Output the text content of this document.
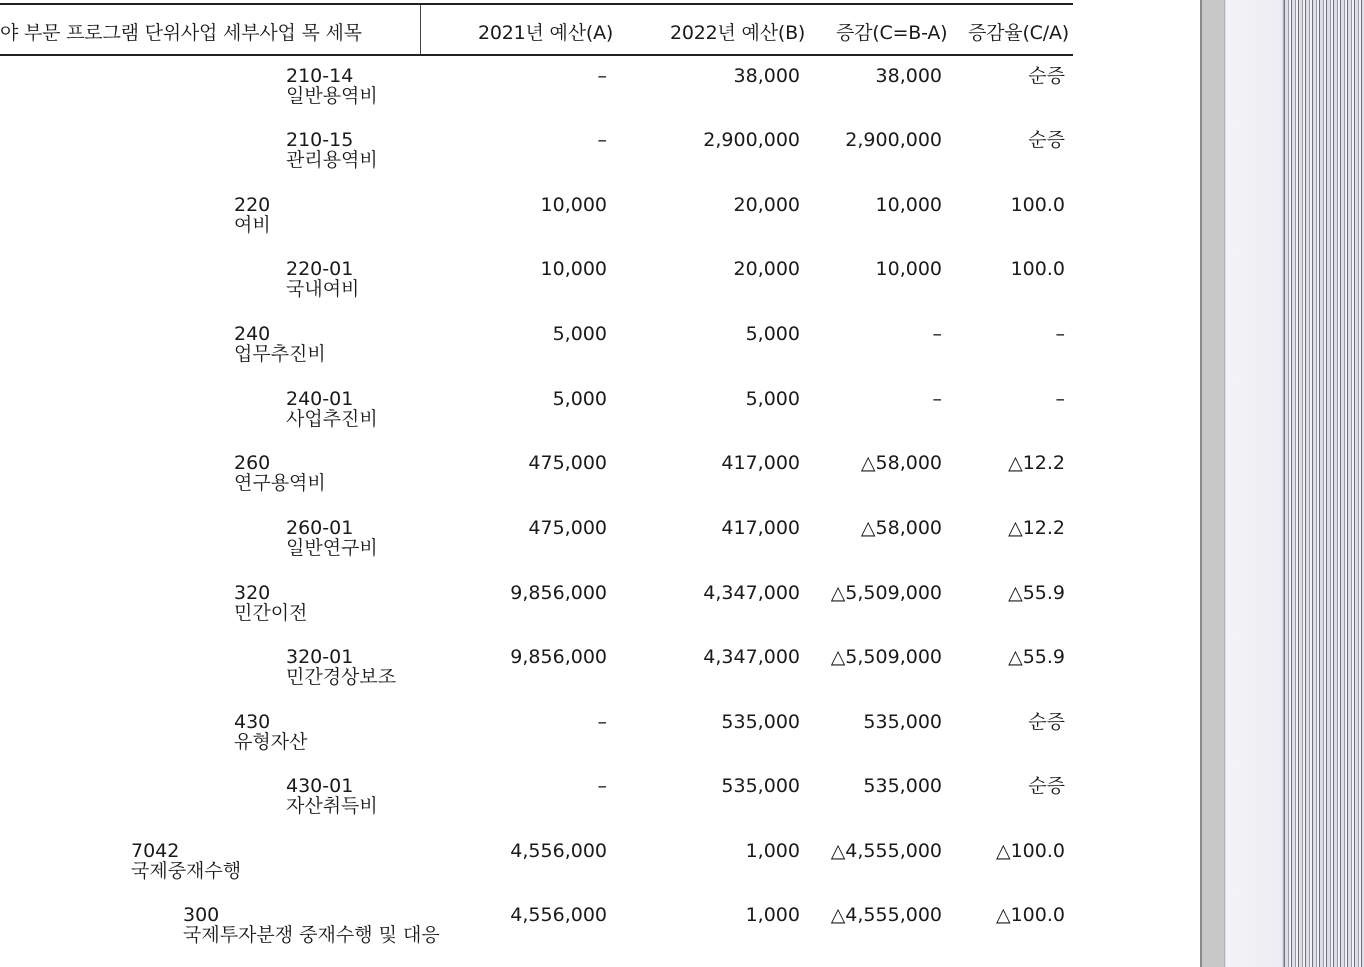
야 부문 프로그램 단위사업 세부사업 목 세목	2021년 예산(A)	2022년 예산(B) 증감(C=B-A) 증감율(C/A)
210-14
일반용역비
–	38,000	38,000	순증
210-15
관리용역비
–	2,900,000 2,900,000	순증
220
여비
10,000	20,000	10,000	100.0
220-01
국내여비
10,000	20,000	10,000	100.0
240
업무추진비
5,000	5,000	–	–
240-01
사업추진비
5,000	5,000	–	–
260
연구용역비
475,000	417,000	△58,000	△12.2
260-01
일반연구비
475,000	417,000	△58,000	△12.2
320
민간이전
9,856,000	4,347,000 △5,509,000	△55.9
320-01
민간경상보조
9,856,000	4,347,000 △5,509,000	△55.9
430
유형자산
–	535,000	535,000	순증
430-01
자산취득비
–	535,000	535,000	순증
7042
국제중재수행
4,556,000	1,000 △4,555,000	△100.0
300
국제투자분쟁 중재수행 및 대응
4,556,000	1,000 △4,555,000	△100.0
